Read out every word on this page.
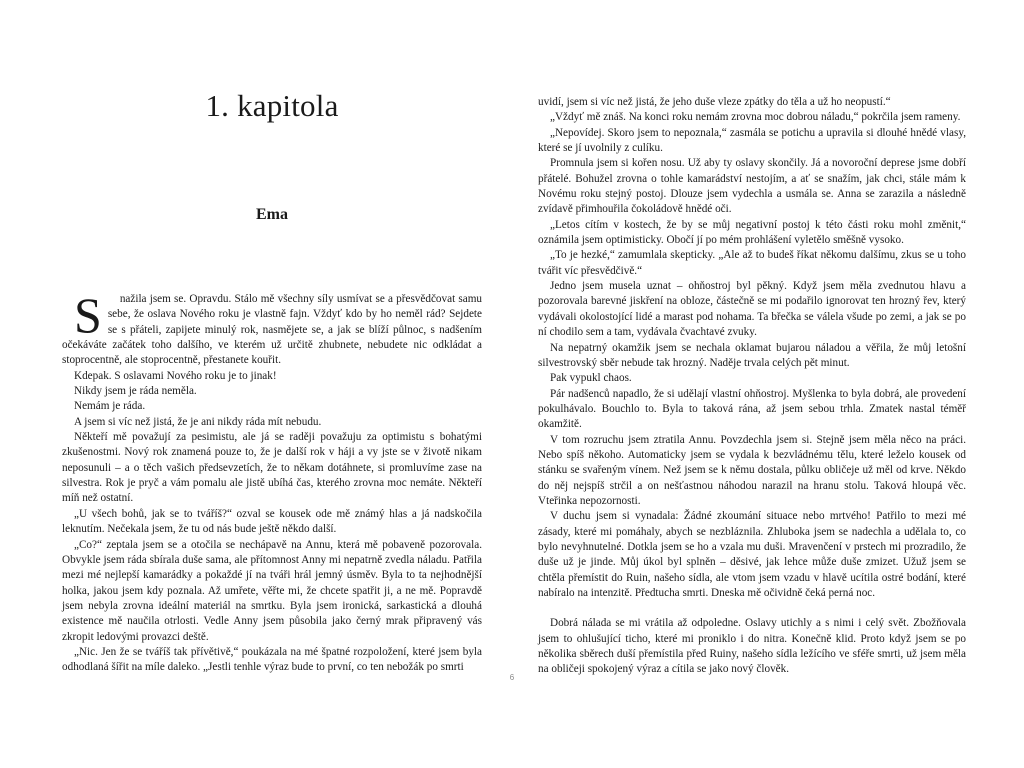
1. kapitola
Ema

S nažila jsem se. Opravdu. Stálo mě všechny síly usmívat se a přesvědčovat samu sebe, že oslava Nového roku je vlastně fajn. Vždyť kdo by ho neměl rád? Sejdete se s přáteli, zapijete minulý rok, nasmějete se, a jak se blíží půlnoc, s nadšením očekáváte začátek toho dalšího, ve kterém už určitě zhubnete, nebudete nic odkládat a stoprocentně, ale stoprocentně, přestanete kouřit.

Kdepak. S oslavami Nového roku je to jinak!

Nikdy jsem je ráda neměla.

Nemám je ráda.

A jsem si víc než jistá, že je ani nikdy ráda mít nebudu.

Někteří mě považují za pesimistu, ale já se raději považuju za optimistu s bohatými zkušenostmi. Nový rok znamená pouze to, že je další rok v háji a vy jste se v životě nikam neposunuli – a o těch vašich předsevzetích, že to někam dotáhnete, si promluvíme zase na silvestra. Rok je pryč a vám pomalu ale jistě ubíhá čas, kterého zrovna moc nemáte. Někteří míň než ostatní.

„U všech bohů, jak se to tváříš?“ ozval se kousek ode mě známý hlas a já nadskočila leknutím. Nečekala jsem, že tu od nás bude ještě někdo další.

„Co?“ zeptala jsem se a otočila se nechápavě na Annu, která mě pobaveně pozorovala. Obvykle jsem ráda sbírala duše sama, ale přítomnost Anny mi nepatrně zvedla náladu. Patřila mezi mé nejlepší kamarádky a pokaždé jí na tváři hrál jemný úsměv. Byla to ta nejhodnější holka, jakou jsem kdy poznala. Až umřete, věřte mi, že chcete spatřit ji, a ne mě. Popravdě jsem nebyla zrovna ideální materiál na smrtku. Byla jsem ironická, sarkastická a dlouhá existence mě naučila otrlosti. Vedle Anny jsem působila jako černý mrak připravený vás zkropit ledovými provazci deště.

„Nic. Jen že se tváříš tak přívětivě,“ poukázala na mé špatné rozpoložení, které jsem byla odhodlaná šířit na míle daleko. „Jestli tenhle výraz bude to první, co ten nebožák po smrti

uvidí, jsem si víc než jistá, že jeho duše vleze zpátky do těla a už ho neopustí.“

„Vždyť mě znáš. Na konci roku nemám zrovna moc dobrou náladu,“ pokrčila jsem rameny.

„Nepovídej. Skoro jsem to nepoznala,“ zasmála se potichu a upravila si dlouhé hnědé vlasy, které se jí uvolnily z culíku.

Promnula jsem si kořen nosu. Už aby ty oslavy skončily. Já a novoroční deprese jsme dobří přátelé. Bohužel zrovna o tohle kamarádství nestojím, a ať se snažím, jak chci, stále mám k Novému roku stejný postoj. Dlouze jsem vydechla a usmála se. Anna se zarazila a následně zvídavě přimhouřila čokoládově hnědé oči.

„Letos cítím v kostech, že by se můj negativní postoj k této části roku mohl změnit,“ oznámila jsem optimisticky. Obočí jí po mém prohlášení vyletělo směšně vysoko.

„To je hezké,“ zamumlala skepticky. „Ale až to budeš říkat někomu dalšímu, zkus se u toho tvářit víc přesvědčivě.“

Jedno jsem musela uznat – ohňostroj byl pěkný. Když jsem měla zvednutou hlavu a pozorovala barevné jiskření na obloze, částečně se mi podařilo ignorovat ten hrozný řev, který vydávali okolostojící lidé a marast pod nohama. Ta břečka se válela všude po zemi, a jak se po ní chodilo sem a tam, vydávala čvachtavé zvuky.

Na nepatrný okamžik jsem se nechala oklamat bujarou náladou a věřila, že můj letošní silvestrovský sběr nebude tak hrozný. Naděje trvala celých pět minut.

Pak vypukl chaos.

Pár nadšenců napadlo, že si udělají vlastní ohňostroj. Myšlenka to byla dobrá, ale provedení pokulhávalo. Bouchlo to. Byla to taková rána, až jsem sebou trhla. Zmatek nastal téměř okamžitě.

V tom rozruchu jsem ztratila Annu. Povzdechla jsem si. Stejně jsem měla něco na práci. Nebo spíš někoho. Automaticky jsem se vydala k bezvládnému tělu, které leželo kousek od stánku se svařeným vínem. Než jsem se k němu dostala, půlku obličeje už měl od krve. Někdo do něj nejspíš strčil a on nešťastnou náhodou narazil na hranu stolu. Taková hloupá věc. Vteřinka nepozornosti.

V duchu jsem si vynadala: Žádné zkoumání situace nebo mrtvého! Patřilo to mezi mé zásady, které mi pomáhaly, abych se nezbláznila. Zhluboka jsem se nadechla a udělala to, co bylo nevyhnutelné. Dotkla jsem se ho a vzala mu duši. Mravenčení v prstech mi prozradilo, že duše už je jinde. Můj úkol byl splněn – děsivé, jak lehce může duše zmizet. Užuž jsem se chtěla přemístit do Ruin, našeho sídla, ale vtom jsem vzadu v hlavě ucítila ostré bodání, které nabíralo na intenzitě. Předtucha smrti. Dneska mě očividně čeká perná noc.

Dobrá nálada se mi vrátila až odpoledne. Oslavy utichly a s nimi i celý svět. Zbožňovala jsem to ohlušující ticho, které mi proniklo i do nitra. Konečně klid. Proto když jsem se po několika sběrech duší přemístila před Ruiny, našeho sídla ležícího ve sféře smrti, už jsem měla na obličeji spokojený výraz a cítila se jako nový člověk.

6
